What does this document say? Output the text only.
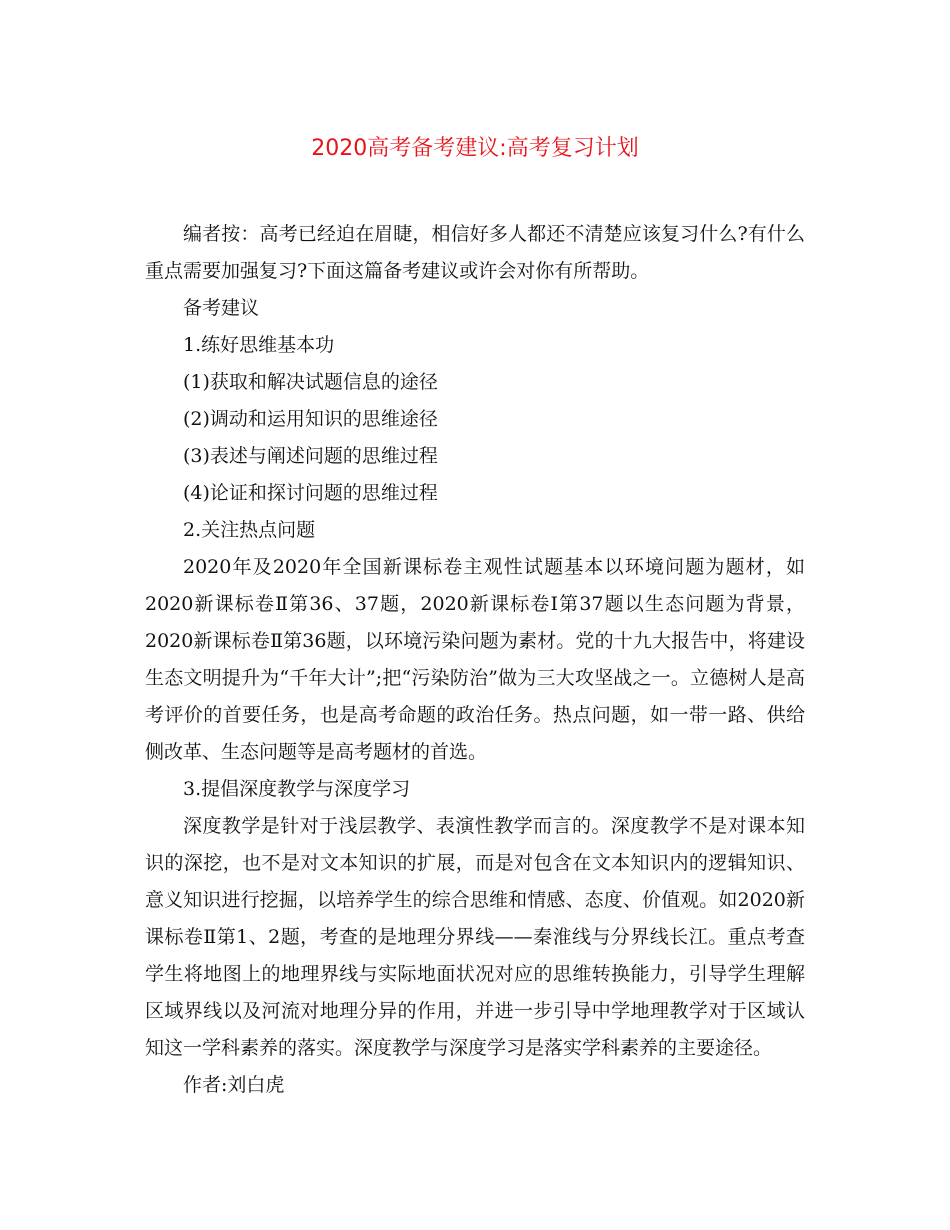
2020高考备考建议:高考复习计划

编者按：高考已经迫在眉睫，相信好多人都还不清楚应该复习什么?有什么重点需要加强复习?下面这篇备考建议或许会对你有所帮助。

备考建议

1.练好思维基本功

(1)获取和解决试题信息的途径

(2)调动和运用知识的思维途径

(3)表述与阐述问题的思维过程

(4)论证和探讨问题的思维过程

2.关注热点问题

2020年及2020年全国新课标卷主观性试题基本以环境问题为题材，如2020新课标卷Ⅱ第36、37题，2020新课标卷Ⅰ第37题以生态问题为背景，2020新课标卷Ⅱ第36题，以环境污染问题为素材。党的十九大报告中，将建设生态文明提升为“千年大计”;把“污染防治”做为三大攻坚战之一。立德树人是高考评价的首要任务，也是高考命题的政治任务。热点问题，如一带一路、供给侧改革、生态问题等是高考题材的首选。

3.提倡深度教学与深度学习

深度教学是针对于浅层教学、表演性教学而言的。深度教学不是对课本知识的深挖，也不是对文本知识的扩展，而是对包含在文本知识内的逻辑知识、意义知识进行挖掘，以培养学生的综合思维和情感、态度、价值观。如2020新课标卷Ⅱ第1、2题，考查的是地理分界线——秦淮线与分界线长江。重点考查学生将地图上的地理界线与实际地面状况对应的思维转换能力，引导学生理解区域界线以及河流对地理分异的作用，并进一步引导中学地理教学对于区域认知这一学科素养的落实。深度教学与深度学习是落实学科素养的主要途径。

作者:刘白虎
